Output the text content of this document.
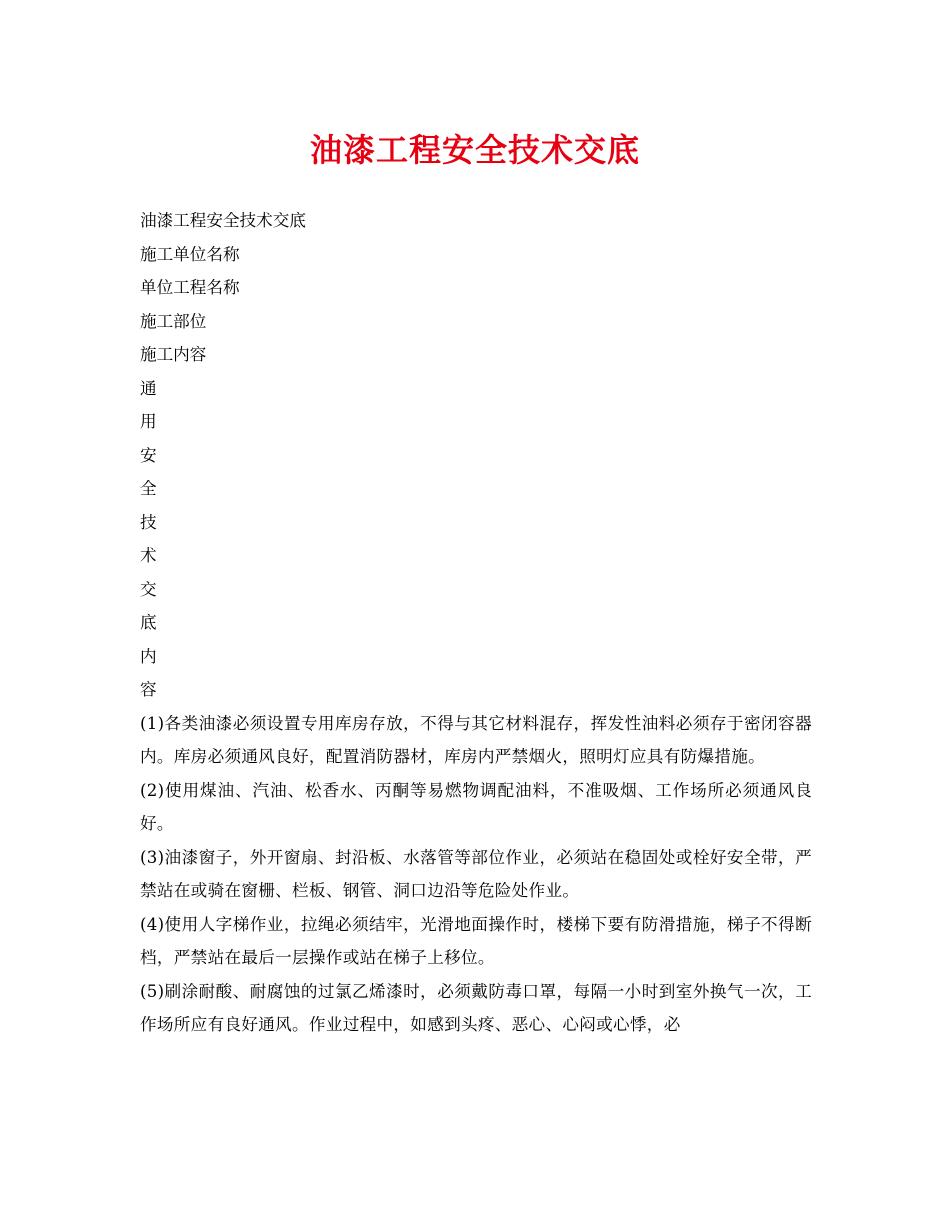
油漆工程安全技术交底

油漆工程安全技术交底

施工单位名称

单位工程名称

施工部位

施工内容

通

用

安

全

技

术

交

底

内

容

(1)各类油漆必须设置专用库房存放，不得与其它材料混存，挥发性油料必须存于密闭容器内。库房必须通风良好，配置消防器材，库房内严禁烟火，照明灯应具有防爆措施。

(2)使用煤油、汽油、松香水、丙酮等易燃物调配油料，不准吸烟、工作场所必须通风良好。

(3)油漆窗子，外开窗扇、封沿板、水落管等部位作业，必须站在稳固处或栓好安全带，严禁站在或骑在窗栅、栏板、钢管、洞口边沿等危险处作业。

(4)使用人字梯作业，拉绳必须结牢，光滑地面操作时，楼梯下要有防滑措施，梯子不得断档，严禁站在最后一层操作或站在梯子上移位。

(5)刷涂耐酸、耐腐蚀的过氯乙烯漆时，必须戴防毒口罩，每隔一小时到室外换气一次，工作场所应有良好通风。作业过程中，如感到头疼、恶心、心闷或心悸，必
